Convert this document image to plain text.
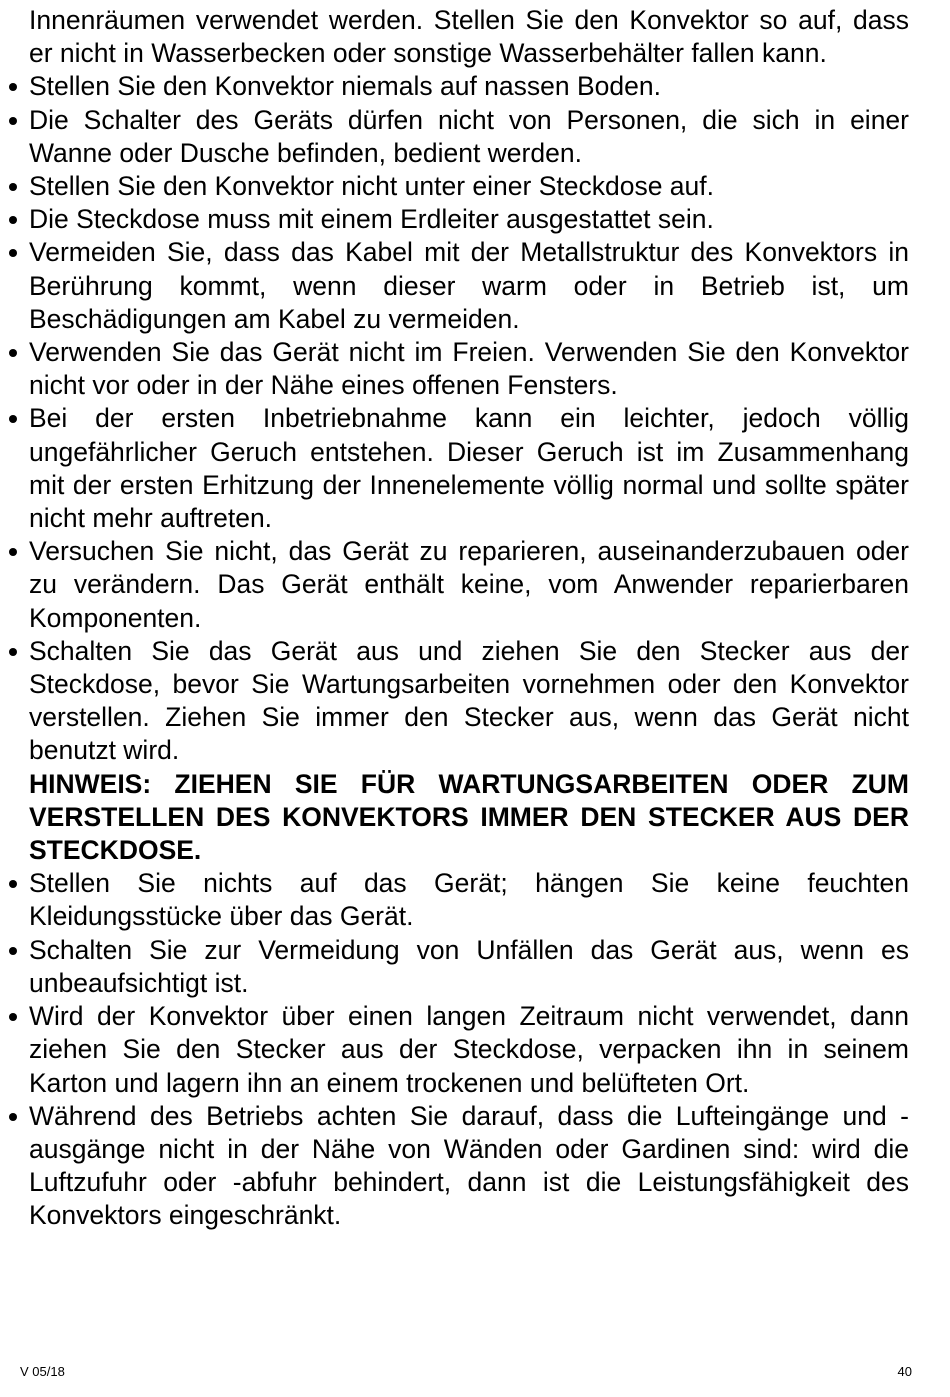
Innenräumen verwendet werden. Stellen Sie den Konvektor so auf, dass er nicht in Wasserbecken oder sonstige Wasserbehälter fallen kann.

Stellen Sie den Konvektor niemals auf nassen Boden.
Die Schalter des Geräts dürfen nicht von Personen, die sich in einer Wanne oder Dusche befinden, bedient werden.
Stellen Sie den Konvektor nicht unter einer Steckdose auf.
Die Steckdose muss mit einem Erdleiter ausgestattet sein.
Vermeiden Sie, dass das Kabel mit der Metallstruktur des Konvektors in Berührung kommt, wenn dieser warm oder in Betrieb ist, um Beschädigungen am Kabel zu vermeiden.
Verwenden Sie das Gerät nicht im Freien. Verwenden Sie den Konvektor nicht vor oder in der Nähe eines offenen Fensters.
Bei der ersten Inbetriebnahme kann ein leichter, jedoch völlig ungefährlicher Geruch entstehen. Dieser Geruch ist im Zusammenhang mit der ersten Erhitzung der Innenelemente völlig normal und sollte später nicht mehr auftreten.
Versuchen Sie nicht, das Gerät zu reparieren, auseinanderzubauen oder zu verändern. Das Gerät enthält keine, vom Anwender reparierbaren Komponenten.
Schalten Sie das Gerät aus und ziehen Sie den Stecker aus der Steckdose, bevor Sie Wartungsarbeiten vornehmen oder den Konvektor verstellen. Ziehen Sie immer den Stecker aus, wenn das Gerät nicht benutzt wird.

HINWEIS: ZIEHEN SIE FÜR WARTUNGSARBEITEN ODER ZUM VERSTELLEN DES KONVEKTORS IMMER DEN STECKER AUS DER STECKDOSE.

Stellen Sie nichts auf das Gerät; hängen Sie keine feuchten Kleidungsstücke über das Gerät.
Schalten Sie zur Vermeidung von Unfällen das Gerät aus, wenn es unbeaufsichtigt ist.
Wird der Konvektor über einen langen Zeitraum nicht verwendet, dann ziehen Sie den Stecker aus der Steckdose, verpacken ihn in seinem Karton und lagern ihn an einem trockenen und belüfteten Ort.
Während des Betriebs achten Sie darauf, dass die Lufteingänge und -ausgänge nicht in der Nähe von Wänden oder Gardinen sind: wird die Luftzufuhr oder -abfuhr behindert, dann ist die Leistungsfähigkeit des Konvektors eingeschränkt.
V 05/18	40
